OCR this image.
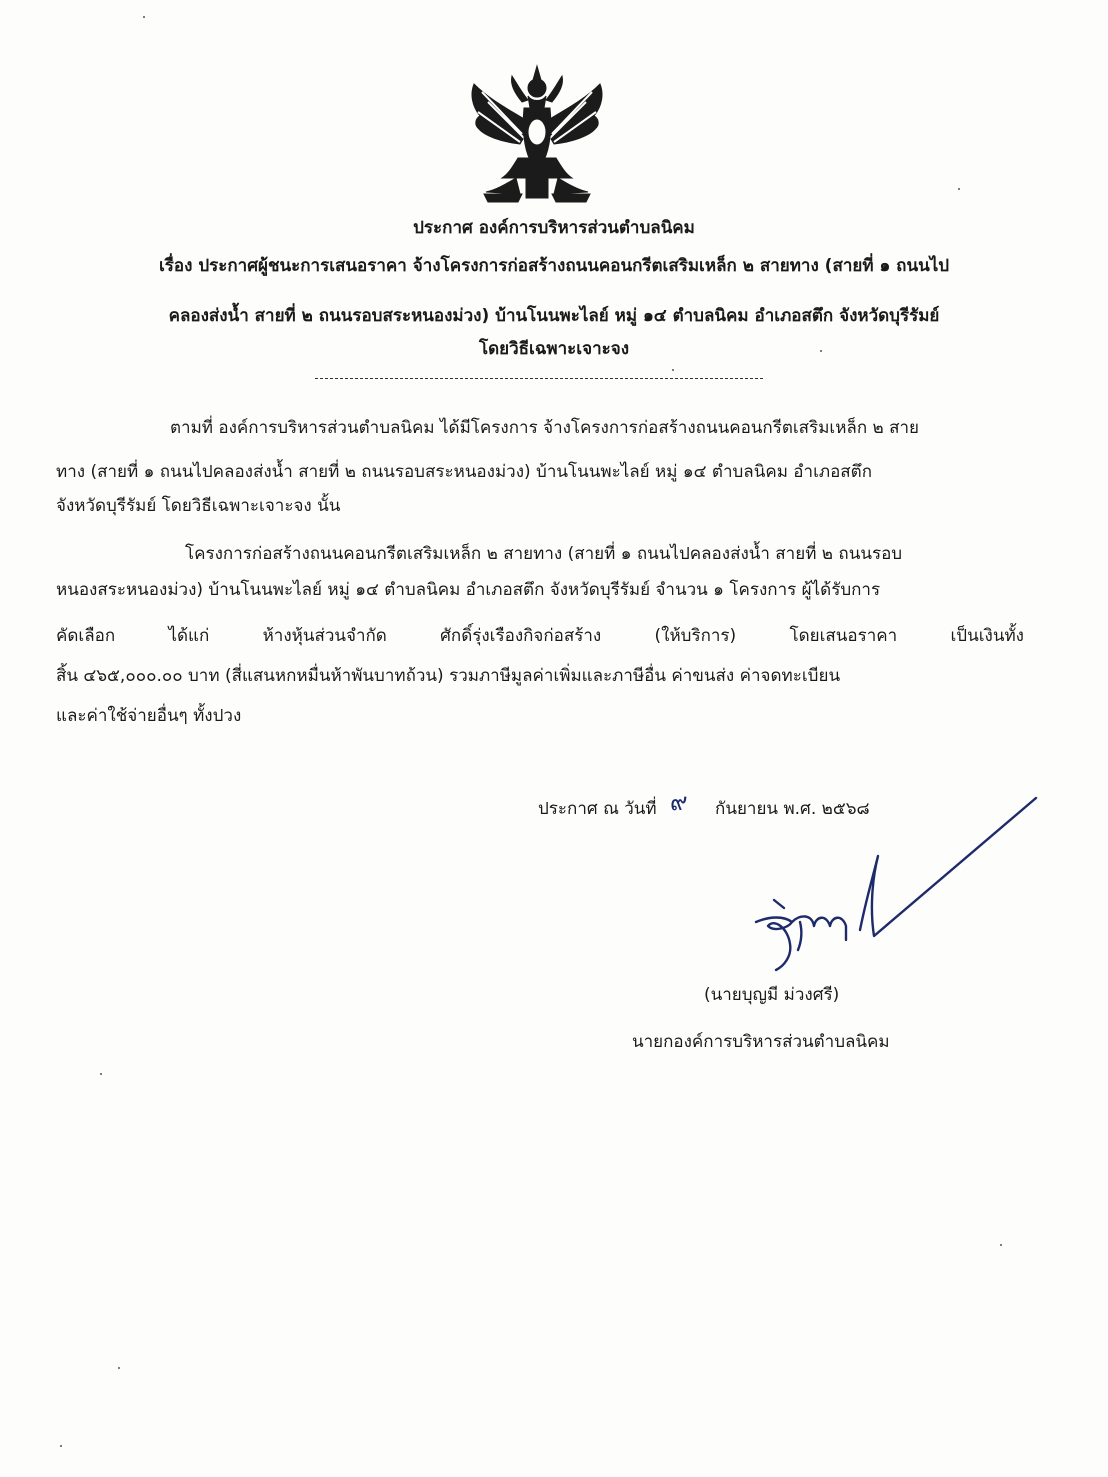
ประกาศ องค์การบริหารส่วนตำบลนิคม
เรื่อง ประกาศผู้ชนะการเสนอราคา จ้างโครงการก่อสร้างถนนคอนกรีตเสริมเหล็ก ๒ สายทาง (สายที่ ๑ ถนนไป
คลองส่งน้ำ สายที่ ๒ ถนนรอบสระหนองม่วง) บ้านโนนพะไลย์ หมู่ ๑๔ ตำบลนิคม อำเภอสตึก จังหวัดบุรีรัมย์
โดยวิธีเฉพาะเจาะจง
ตามที่ องค์การบริหารส่วนตำบลนิคม ได้มีโครงการ จ้างโครงการก่อสร้างถนนคอนกรีตเสริมเหล็ก ๒ สาย
ทาง (สายที่ ๑ ถนนไปคลองส่งน้ำ สายที่ ๒ ถนนรอบสระหนองม่วง) บ้านโนนพะไลย์ หมู่ ๑๔ ตำบลนิคม อำเภอสตึก
จังหวัดบุรีรัมย์ โดยวิธีเฉพาะเจาะจง นั้น
โครงการก่อสร้างถนนคอนกรีตเสริมเหล็ก ๒ สายทาง (สายที่ ๑ ถนนไปคลองส่งน้ำ สายที่ ๒ ถนนรอบ
หนองสระหนองม่วง) บ้านโนนพะไลย์ หมู่ ๑๔ ตำบลนิคม อำเภอสตึก จังหวัดบุรีรัมย์ จำนวน ๑ โครงการ ผู้ได้รับการ
คัดเลือก	ได้แก่	ห้างหุ้นส่วนจำกัด	ศักดิ์รุ่งเรืองกิจก่อสร้าง	(ให้บริการ)	โดยเสนอราคา	เป็นเงินทั้ง
สิ้น ๔๖๕,๐๐๐.๐๐ บาท (สี่แสนหกหมื่นห้าพันบาทถ้วน) รวมภาษีมูลค่าเพิ่มและภาษีอื่น ค่าขนส่ง ค่าจดทะเบียน
และค่าใช้จ่ายอื่นๆ ทั้งปวง
ประกาศ ณ วันที่ ๙ กันยายน พ.ศ. ๒๕๖๘
(นายบุญมี ม่วงศรี)
นายกองค์การบริหารส่วนตำบลนิคม
